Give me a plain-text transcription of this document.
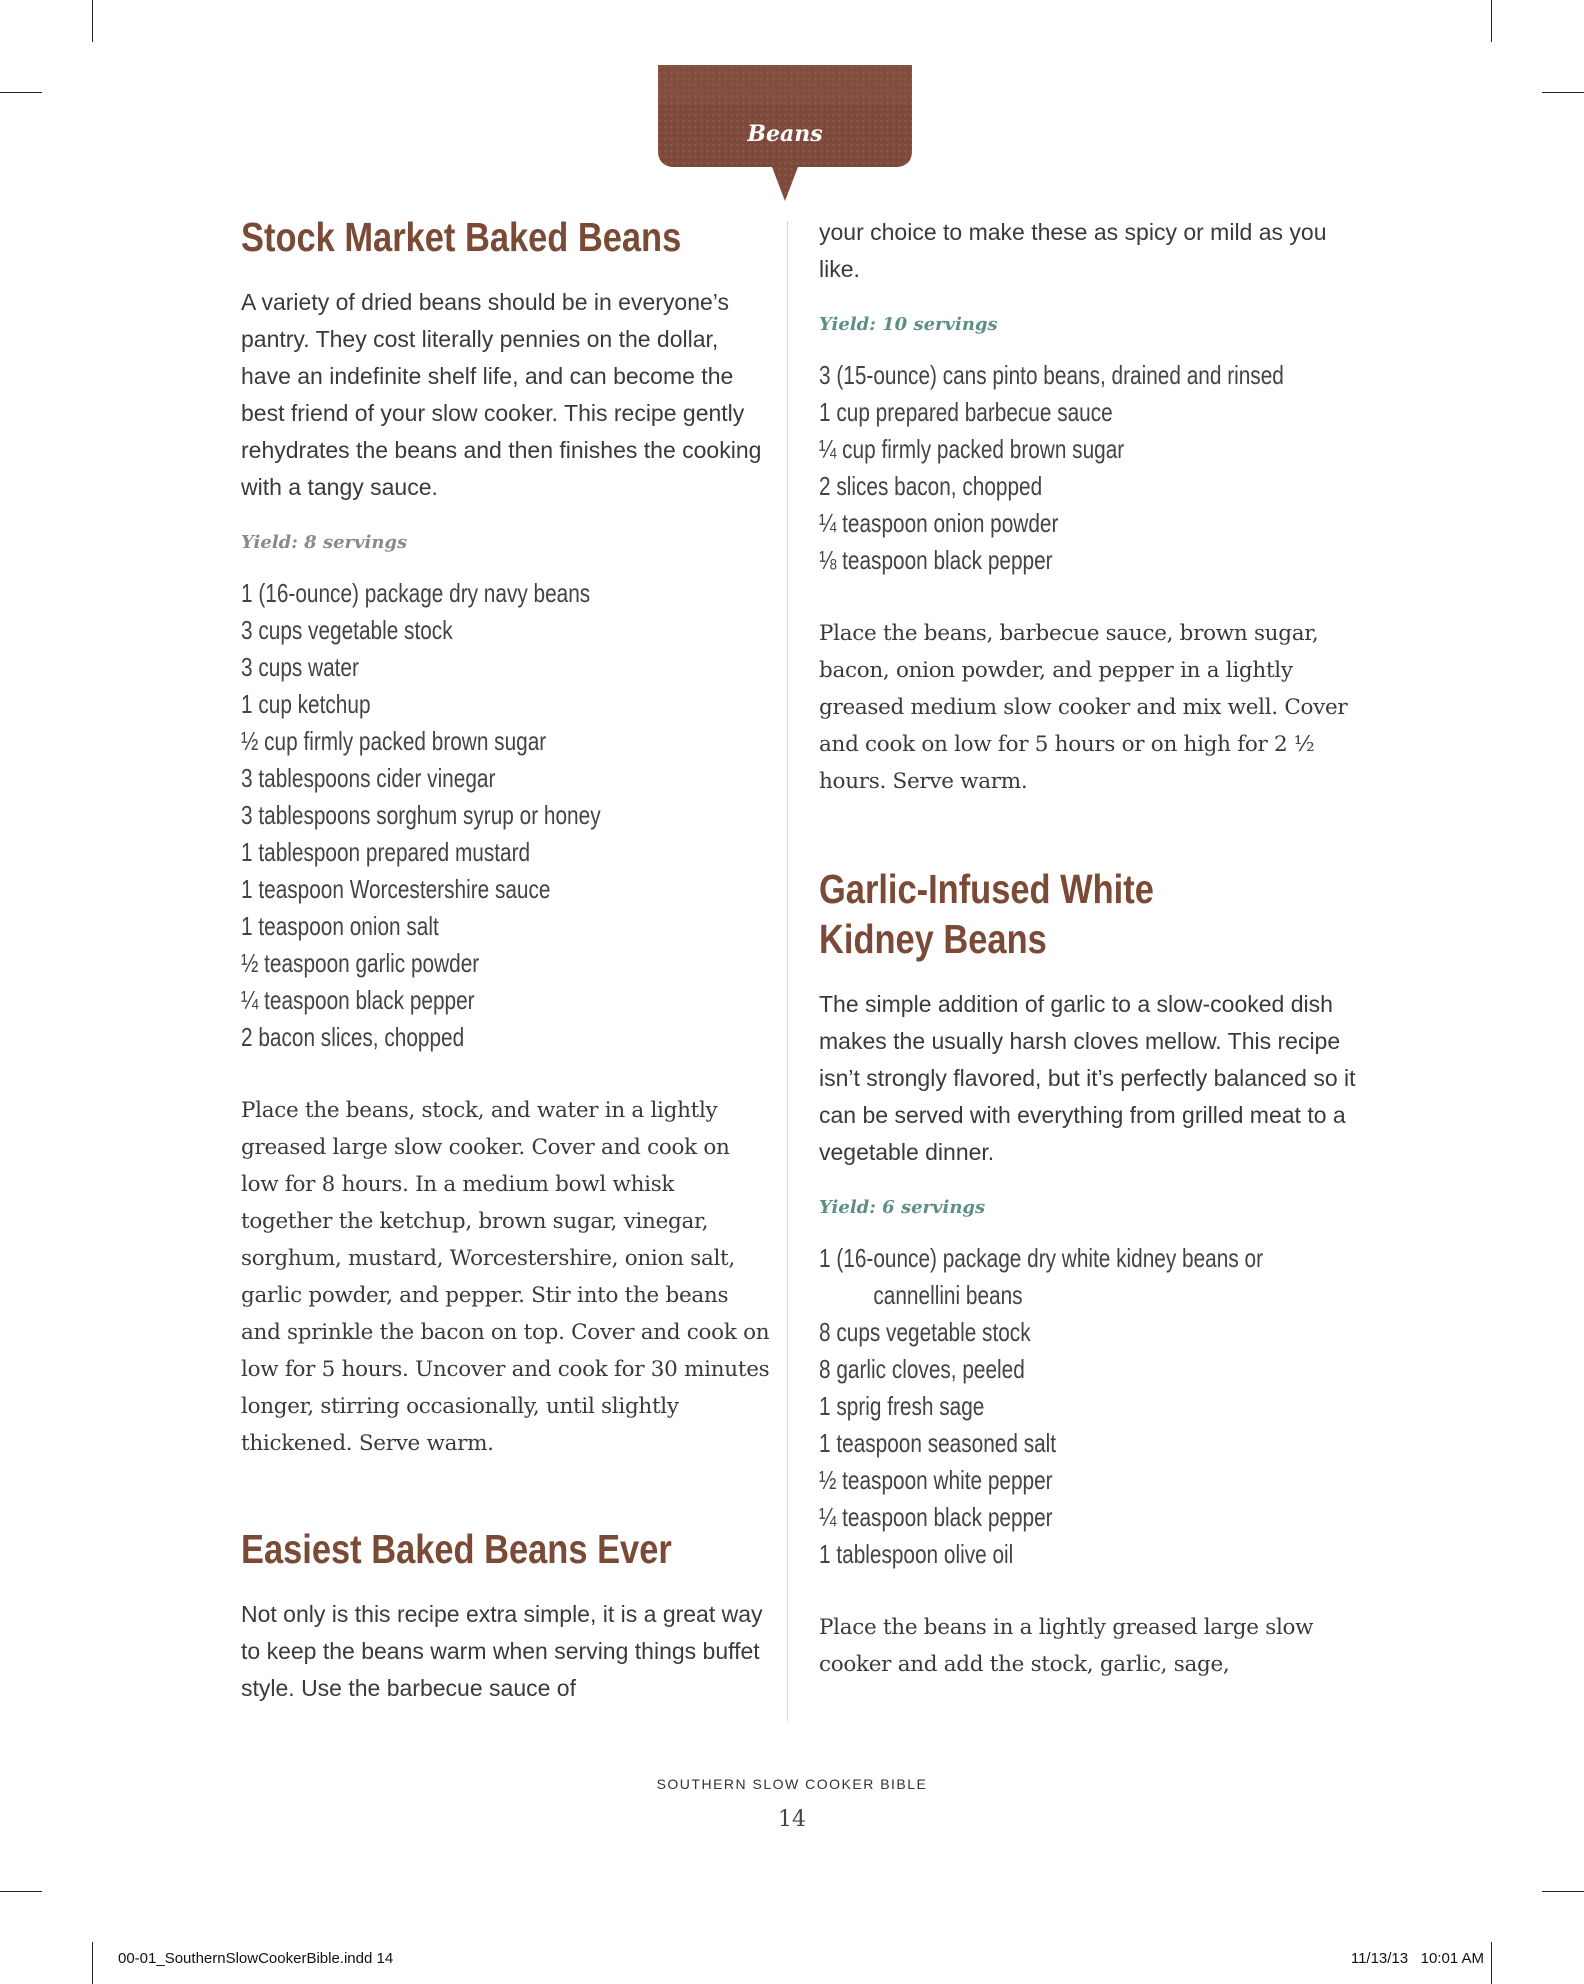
Beans
Stock Market Baked Beans

A variety of dried beans should be in everyone’s pantry. They cost literally pennies on the dollar, have an indefinite shelf life, and can become the best friend of your slow cooker. This recipe gently rehydrates the beans and then finishes the cooking with a tangy sauce.

Yield: 8 servings
1 (16-ounce) package dry navy beans
3 cups vegetable stock
3 cups water
1 cup ketchup
½ cup firmly packed brown sugar
3 tablespoons cider vinegar
3 tablespoons sorghum syrup or honey
1 tablespoon prepared mustard
1 teaspoon Worcestershire sauce
1 teaspoon onion salt
½ teaspoon garlic powder
¼ teaspoon black pepper
2 bacon slices, chopped

Place the beans, stock, and water in a lightly greased large slow cooker. Cover and cook on low for 8 hours. In a medium bowl whisk together the ketchup, brown sugar, vinegar, sorghum, mustard, Worcestershire, onion salt, garlic powder, and pepper. Stir into the beans and sprinkle the bacon on top. Cover and cook on low for 5 hours. Uncover and cook for 30 minutes longer, stirring occasionally, until slightly thickened. Serve warm.

Easiest Baked Beans Ever

Not only is this recipe extra simple, it is a great way to keep the beans warm when serving things buffet style. Use the barbecue sauce of

your choice to make these as spicy or mild as you like.

Yield: 10 servings
3 (15-ounce) cans pinto beans, drained and rinsed
1 cup prepared barbecue sauce
¼ cup firmly packed brown sugar
2 slices bacon, chopped
¼ teaspoon onion powder
⅛ teaspoon black pepper

Place the beans, barbecue sauce, brown sugar, bacon, onion powder, and pepper in a lightly greased medium slow cooker and mix well. Cover and cook on low for 5 hours or on high for 2 ½ hours. Serve warm.

Garlic-Infused White
Kidney Beans

The simple addition of garlic to a slow-cooked dish makes the usually harsh cloves mellow. This recipe isn’t strongly flavored, but it’s perfectly balanced so it can be served with everything from grilled meat to a vegetable dinner.

Yield: 6 servings
1 (16-ounce) package dry white kidney beans or
cannellini beans
8 cups vegetable stock
8 garlic cloves, peeled
1 sprig fresh sage
1 teaspoon seasoned salt
½ teaspoon white pepper
¼ teaspoon black pepper
1 tablespoon olive oil

Place the beans in a lightly greased large slow cooker and add the stock, garlic, sage,

SOUTHERN SLOW COOKER BIBLE
14
00-01_SouthernSlowCookerBible.indd 14	11/13/13   10:01 AM
